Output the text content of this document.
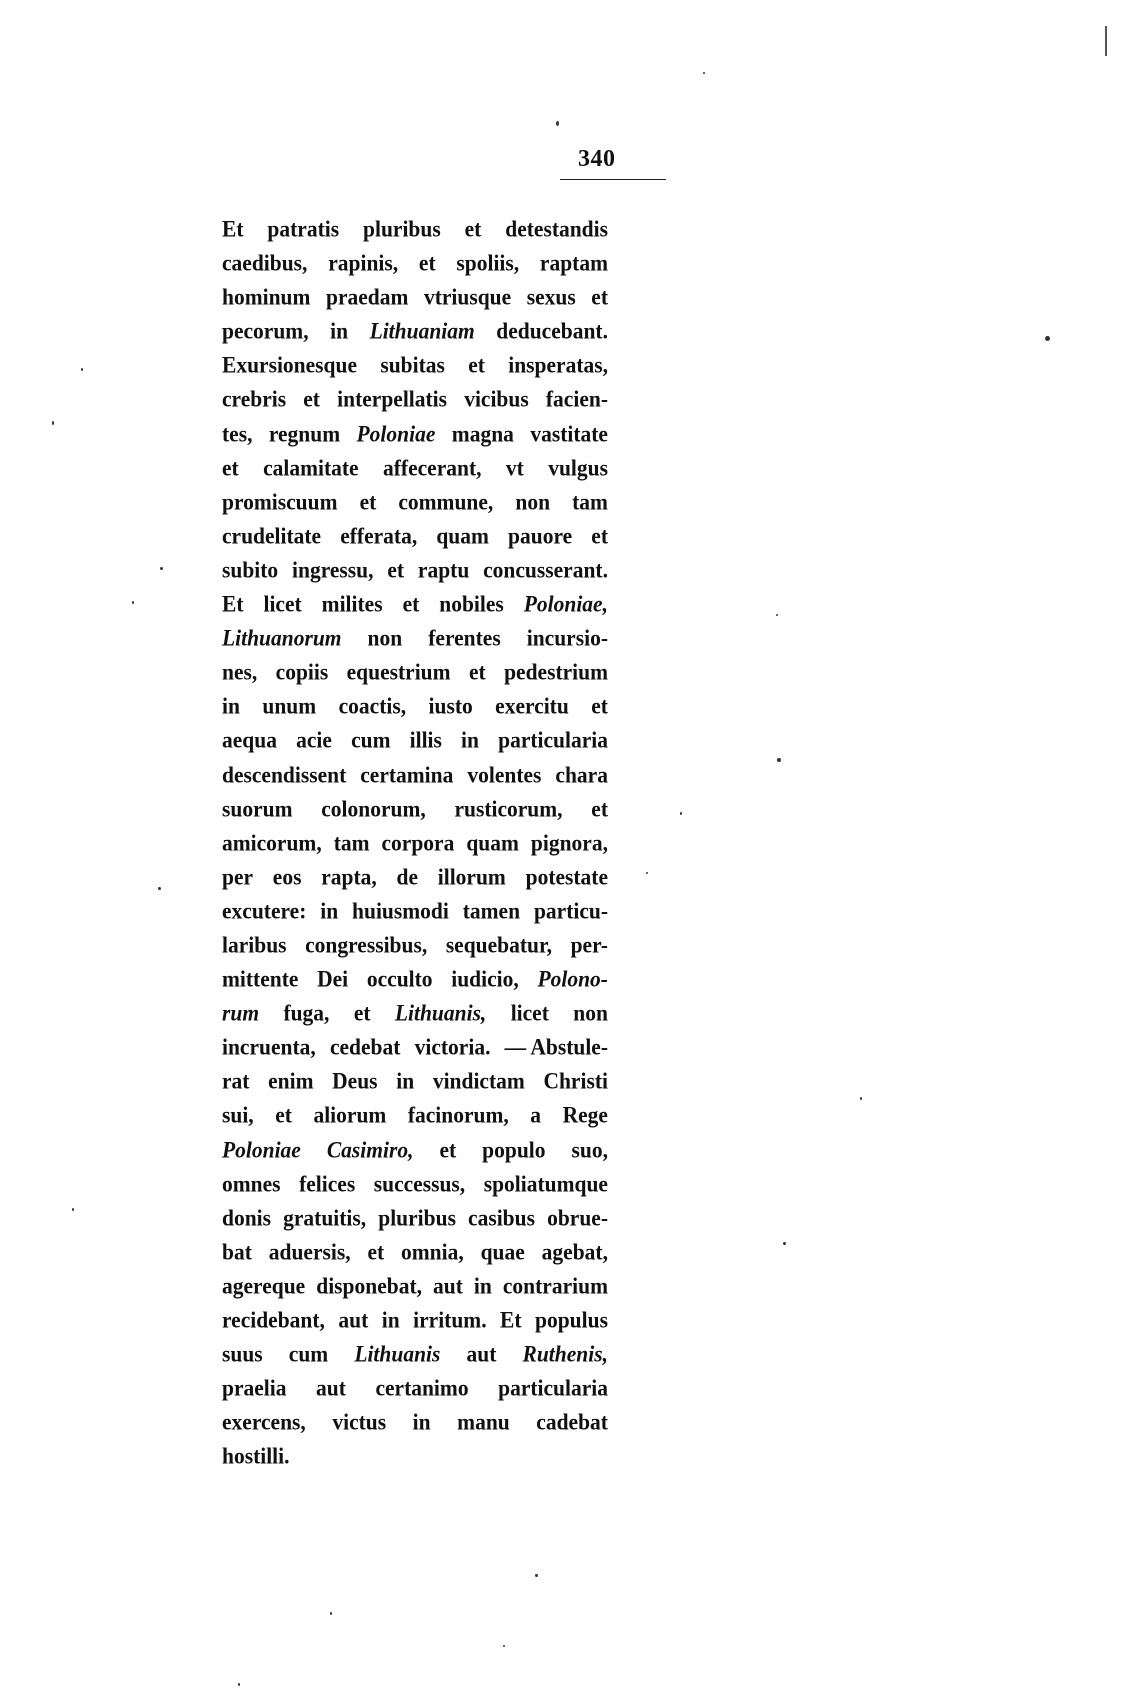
340
Et patratis pluribus et detestandis
caedibus, rapinis, et spoliis, raptam
hominum praedam vtriusque sexus et
pecorum, in Lithuaniam deducebant.
Exursionesque subitas et insperatas,
crebris et interpellatis vicibus facien-
tes, regnum Poloniae magna vastitate
et calamitate affecerant, vt vulgus
promiscuum et commune, non tam
crudelitate efferata, quam pauore et
subito ingressu, et raptu concusserant.
Et licet milites et nobiles Poloniae,
Lithuanorum non ferentes incursio-
nes, copiis equestrium et pedestrium
in unum coactis, iusto exercitu et
aequa acie cum illis in particularia
descendissent certamina volentes chara
suorum colonorum, rusticorum, et
amicorum, tam corpora quam pignora,
per eos rapta, de illorum potestate
excutere: in huiusmodi tamen particu-
laribus congressibus, sequebatur, per-
mittente Dei occulto iudicio, Polono-
rum fuga, et Lithuanis, licet non
incruenta, cedebat victoria. — Abstule-
rat enim Deus in vindictam Christi
sui, et aliorum facinorum, a Rege
Poloniae Casimiro, et populo suo,
omnes felices successus, spoliatumque
donis gratuitis, pluribus casibus obrue-
bat aduersis, et omnia, quae agebat,
agereque disponebat, aut in contrarium
recidebant, aut in irritum. Et populus
suus cum Lithuanis aut Ruthenis,
praelia aut certanimo particularia
exercens, victus in manu cadebat
hostilli.
